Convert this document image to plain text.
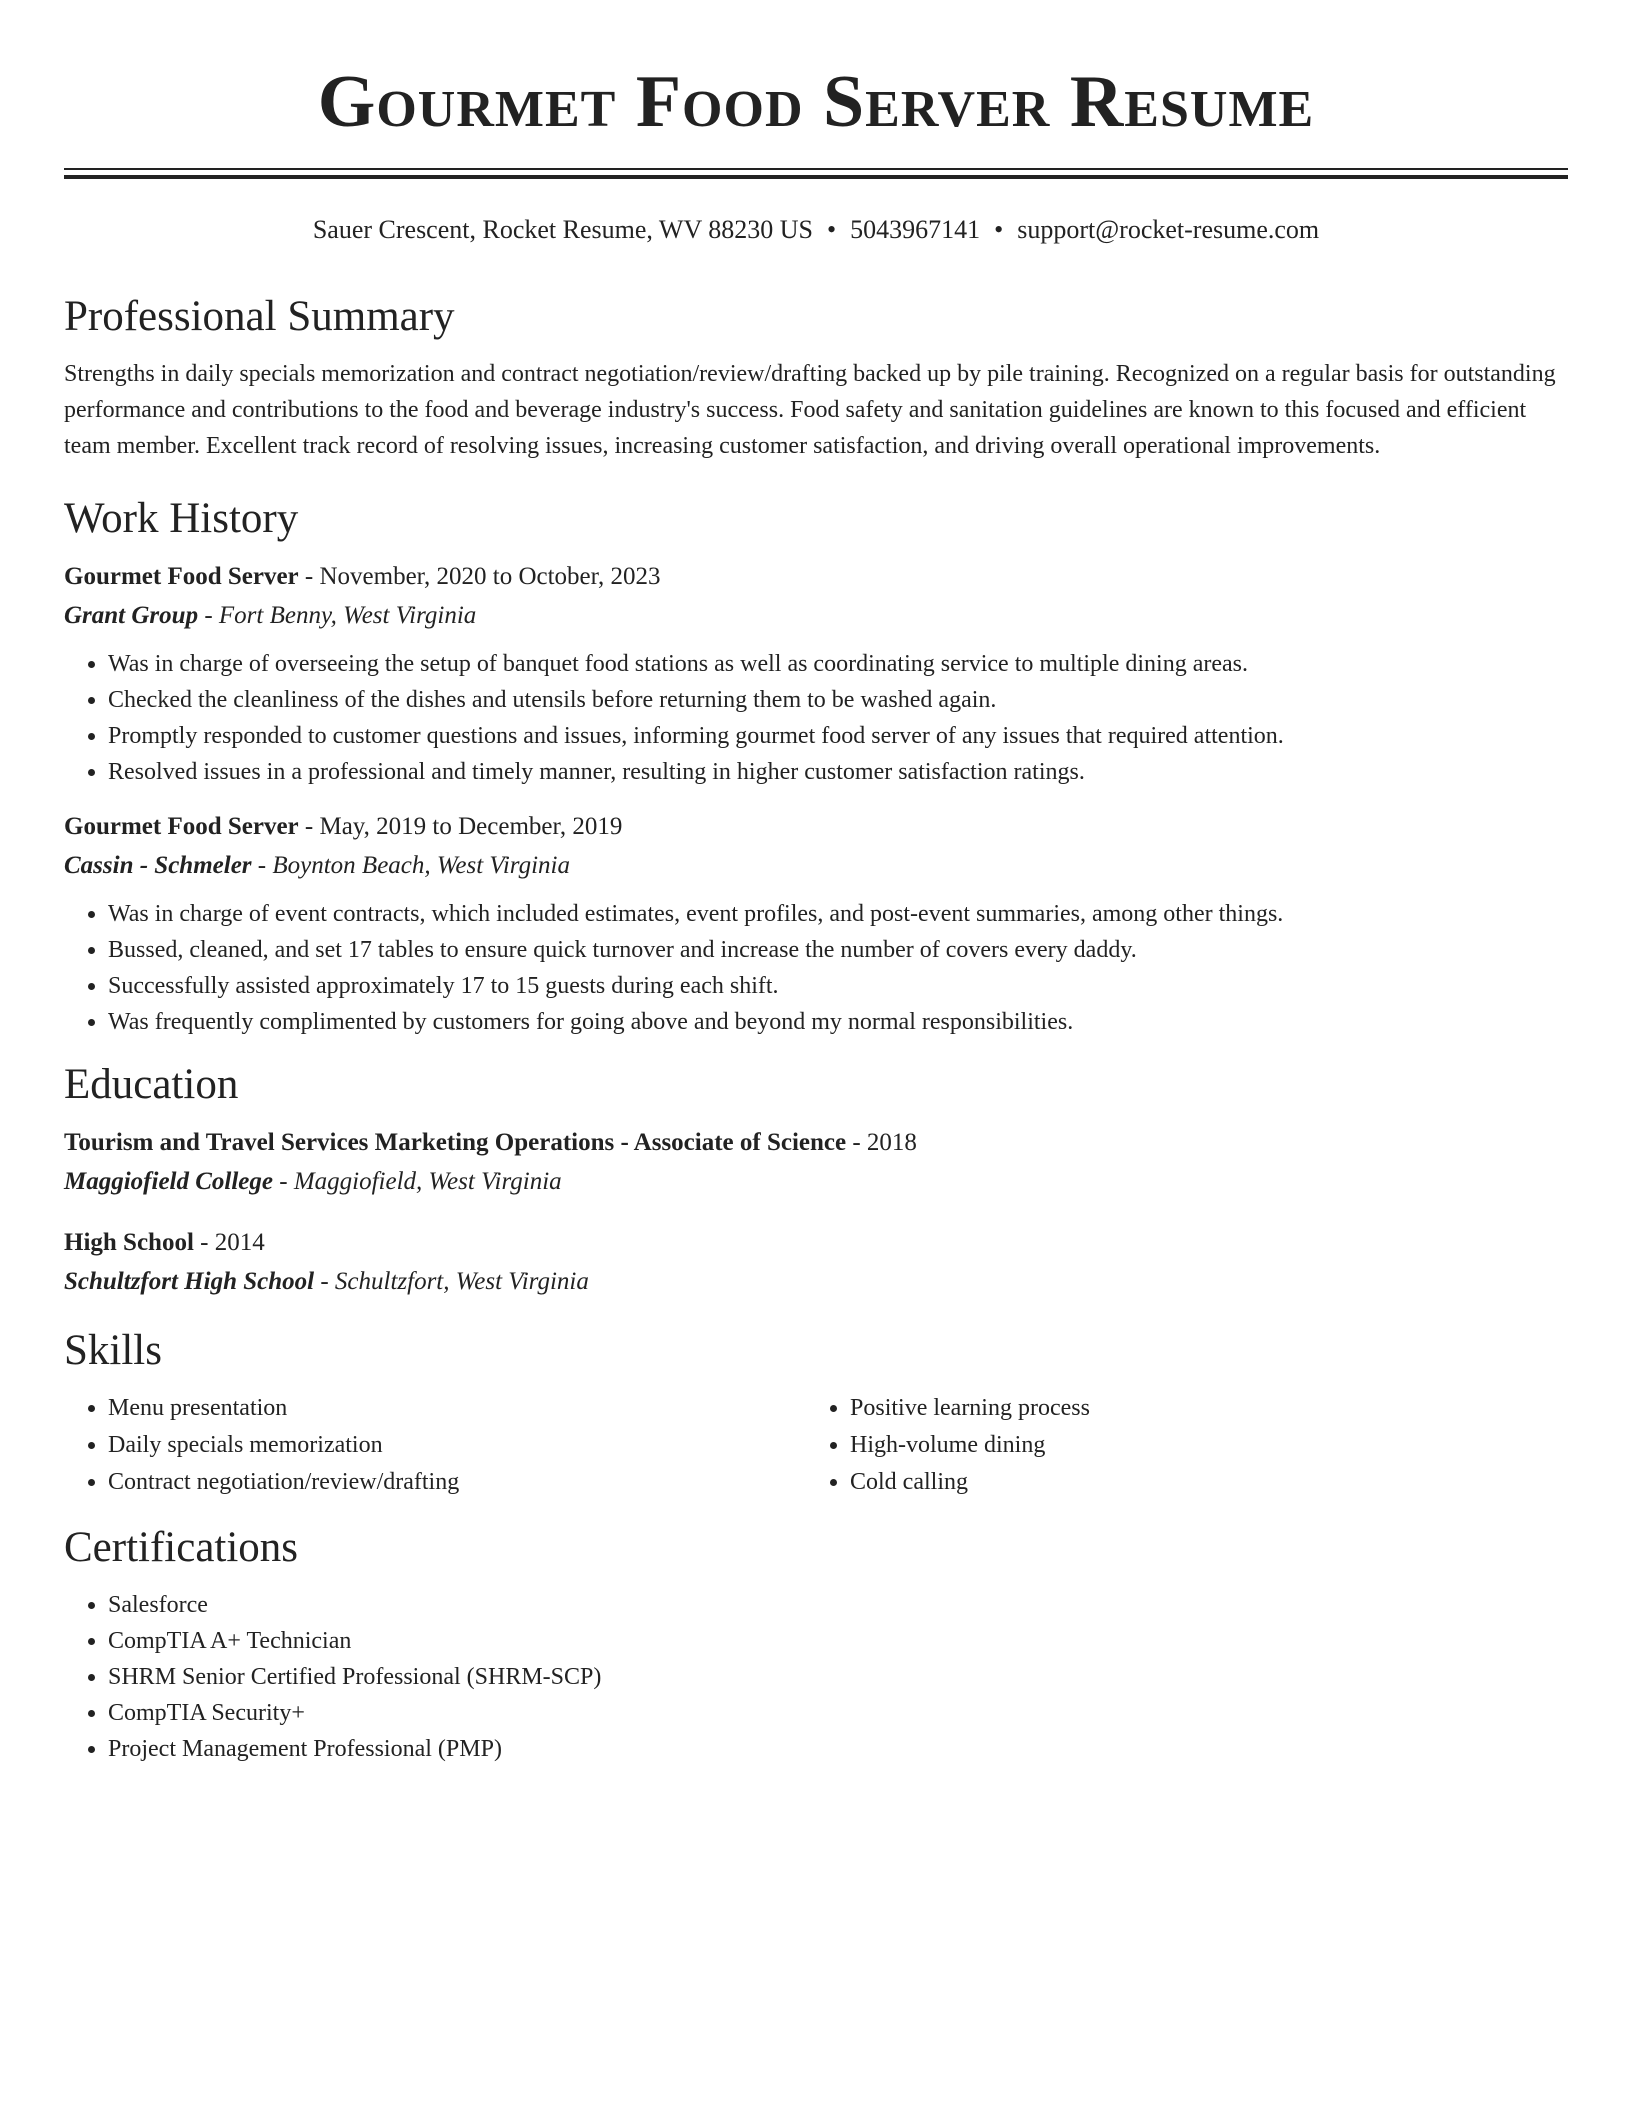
Gourmet Food Server Resume
Sauer Crescent, Rocket Resume, WV 88230 US • 5043967141 • support@rocket-resume.com
Professional Summary

Strengths in daily specials memorization and contract negotiation/review/drafting backed up by pile training. Recognized on a regular basis for outstanding performance and contributions to the food and beverage industry's success. Food safety and sanitation guidelines are known to this focused and efficient team member. Excellent track record of resolving issues, increasing customer satisfaction, and driving overall operational improvements.

Work History

Gourmet Food Server - November, 2020 to October, 2023

Grant Group - Fort Benny, West Virginia

• Was in charge of overseeing the setup of banquet food stations as well as coordinating service to multiple dining areas.
• Checked the cleanliness of the dishes and utensils before returning them to be washed again.
• Promptly responded to customer questions and issues, informing gourmet food server of any issues that required attention.
• Resolved issues in a professional and timely manner, resulting in higher customer satisfaction ratings.

Gourmet Food Server - May, 2019 to December, 2019

Cassin - Schmeler - Boynton Beach, West Virginia

• Was in charge of event contracts, which included estimates, event profiles, and post-event summaries, among other things.
• Bussed, cleaned, and set 17 tables to ensure quick turnover and increase the number of covers every daddy.
• Successfully assisted approximately 17 to 15 guests during each shift.
• Was frequently complimented by customers for going above and beyond my normal responsibilities.
Education

Tourism and Travel Services Marketing Operations - Associate of Science - 2018

Maggiofield College - Maggiofield, West Virginia

High School - 2014

Schultzfort High School - Schultzfort, West Virginia

Skills
• Menu presentation
• Daily specials memorization
• Contract negotiation/review/drafting
• Positive learning process
• High-volume dining
• Cold calling
Certifications
• Salesforce
• CompTIA A+ Technician
• SHRM Senior Certified Professional (SHRM-SCP)
• CompTIA Security+
• Project Management Professional (PMP)
